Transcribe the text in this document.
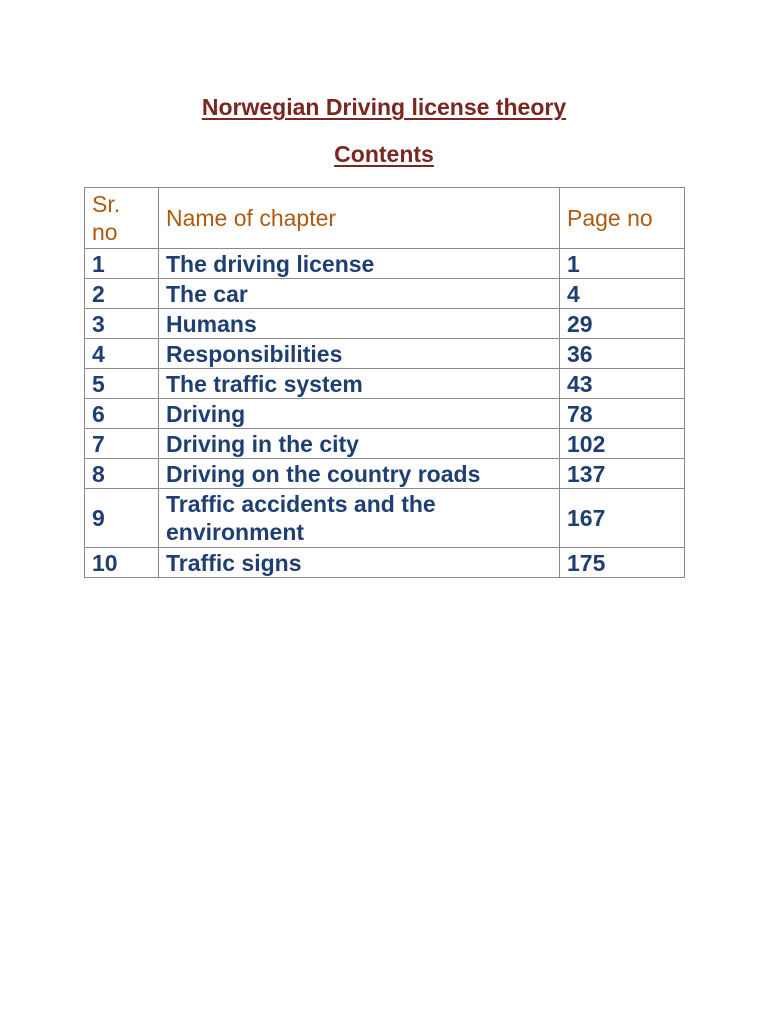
Norwegian Driving license theory
Contents
Sr. no	Name of chapter	Page no
1	The driving license	1
2	The car	4
3	Humans	29
4	Responsibilities	36
5	The traffic system	43
6	Driving	78
7	Driving in the city	102
8	Driving on the country roads	137
9	Traffic accidents and the environment	167
10	Traffic signs	175
